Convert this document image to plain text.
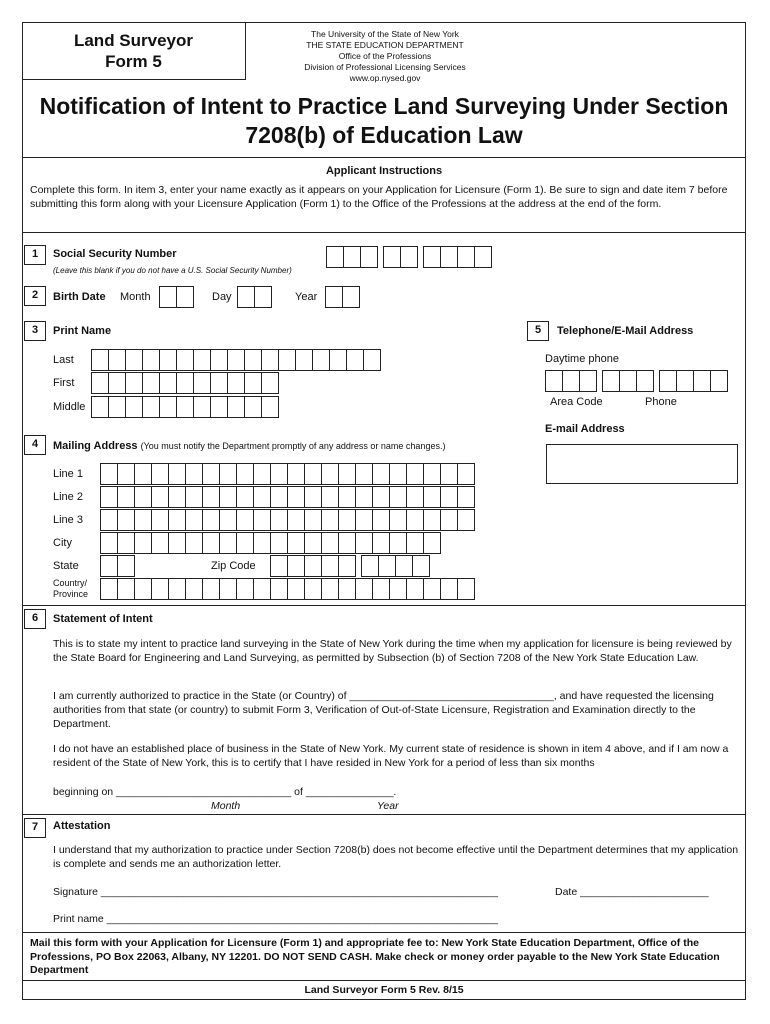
Land Surveyor
Form 5
The University of the State of New York
THE STATE EDUCATION DEPARTMENT
Office of the Professions
Division of Professional Licensing Services
www.op.nysed.gov
Notification of Intent to Practice Land Surveying Under Section
7208(b) of Education Law
Applicant Instructions
Complete this form. In item 3, enter your name exactly as it appears on your Application for Licensure (Form 1). Be sure to sign and date item 7 before submitting this form along with your Licensure Application (Form 1) to the Office of the Professions at the address at the end of the form.
1	Social Security Number
(Leave this blank if you do not have a U.S. Social Security Number)
2	Birth Date Month	Day	Year
3	Print Name
Last
First
Middle
5	Telephone/E-Mail Address
Daytime phone
Area Code	Phone
E-mail Address
4	Mailing Address (You must notify the Department promptly of any address or name changes.)
Line 1
Line 2
Line 3
City
State	Zip Code
Country/
Province
6	Statement of Intent
This is to state my intent to practice land surveying in the State of New York during the time when my application for licensure is being reviewed by the State Board for Engineering and Land Surveying, as permitted by Subsection (b) of Section 7208 of the New York State Education Law.
I am currently authorized to practice in the State (or Country) of ___________________________________, and have requested the licensing authorities from that state (or country) to submit Form 3, Verification of Out-of-State Licensure, Registration and Examination directly to the Department.
I do not have an established place of business in the State of New York. My current state of residence is shown in item 4 above, and if I am now a resident of the State of New York, this is to certify that I have resided in New York for a period of less than six months
beginning on ______________________________ of _______________.
Month	Year
7	Attestation
I understand that my authorization to practice under Section 7208(b) does not become effective until the Department determines that my application is complete and sends me an authorization letter.
Signature ____________________________________________________________________	Date ______________________
Print name ___________________________________________________________________
Mail this form with your Application for Licensure (Form 1) and appropriate fee to: New York State Education Department, Office of the Professions, PO Box 22063, Albany, NY 12201. DO NOT SEND CASH. Make check or money order payable to the New York State Education Department
Land Surveyor Form 5 Rev. 8/15
